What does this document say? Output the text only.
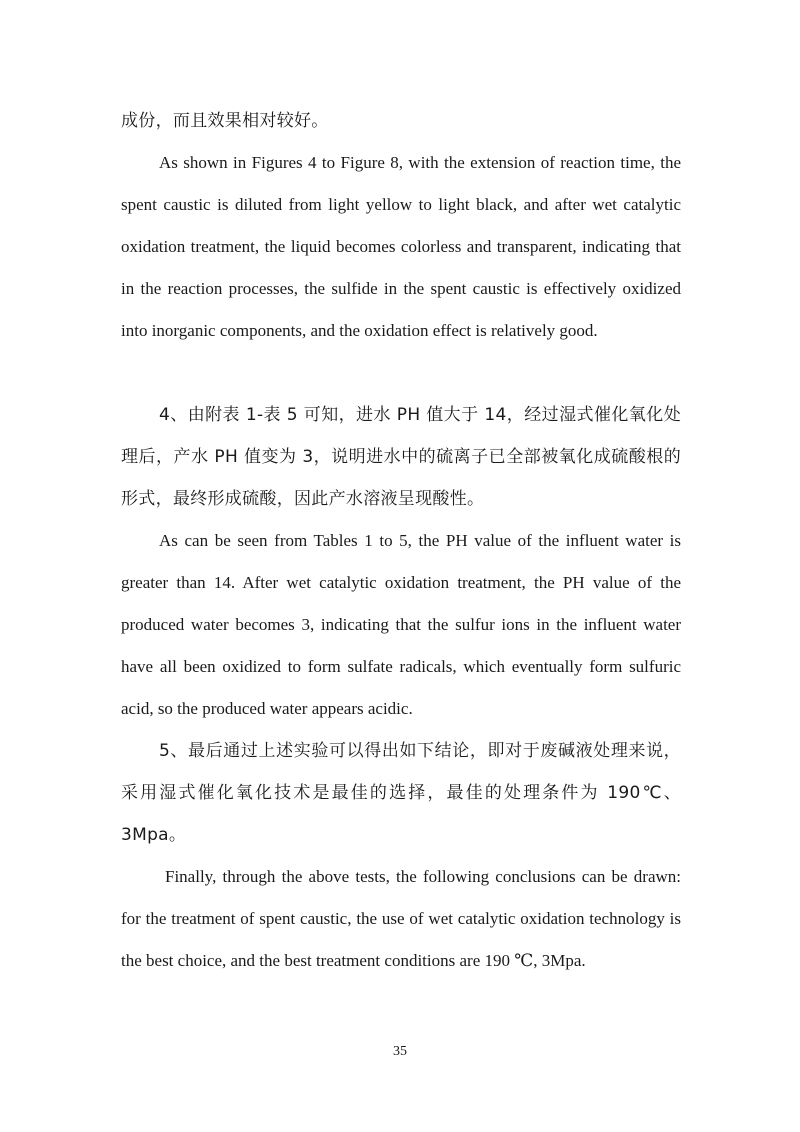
成份，而且效果相对较好。

As shown in Figures 4 to Figure 8, with the extension of reaction time, the spent caustic is diluted from light yellow to light black, and after wet catalytic oxidation treatment, the liquid becomes colorless and transparent, indicating that in the reaction processes, the sulfide in the spent caustic is effectively oxidized into inorganic components, and the oxidation effect is relatively good.

4、由附表 1-表 5 可知，进水 PH 值大于 14，经过湿式催化氧化处理后，产水 PH 值变为 3，说明进水中的硫离子已全部被氧化成硫酸根的形式，最终形成硫酸，因此产水溶液呈现酸性。

As can be seen from Tables 1 to 5, the PH value of the influent water is greater than 14. After wet catalytic oxidation treatment, the PH value of the produced water becomes 3, indicating that the sulfur ions in the influent water have all been oxidized to form sulfate radicals, which eventually form sulfuric acid, so the produced water appears acidic.

5、最后通过上述实验可以得出如下结论，即对于废碱液处理来说，采用湿式催化氧化技术是最佳的选择，最佳的处理条件为 190℃、3Mpa。

Finally, through the above tests, the following conclusions can be drawn: for the treatment of spent caustic, the use of wet catalytic oxidation technology is the best choice, and the best treatment conditions are 190 ℃, 3Mpa.

35
